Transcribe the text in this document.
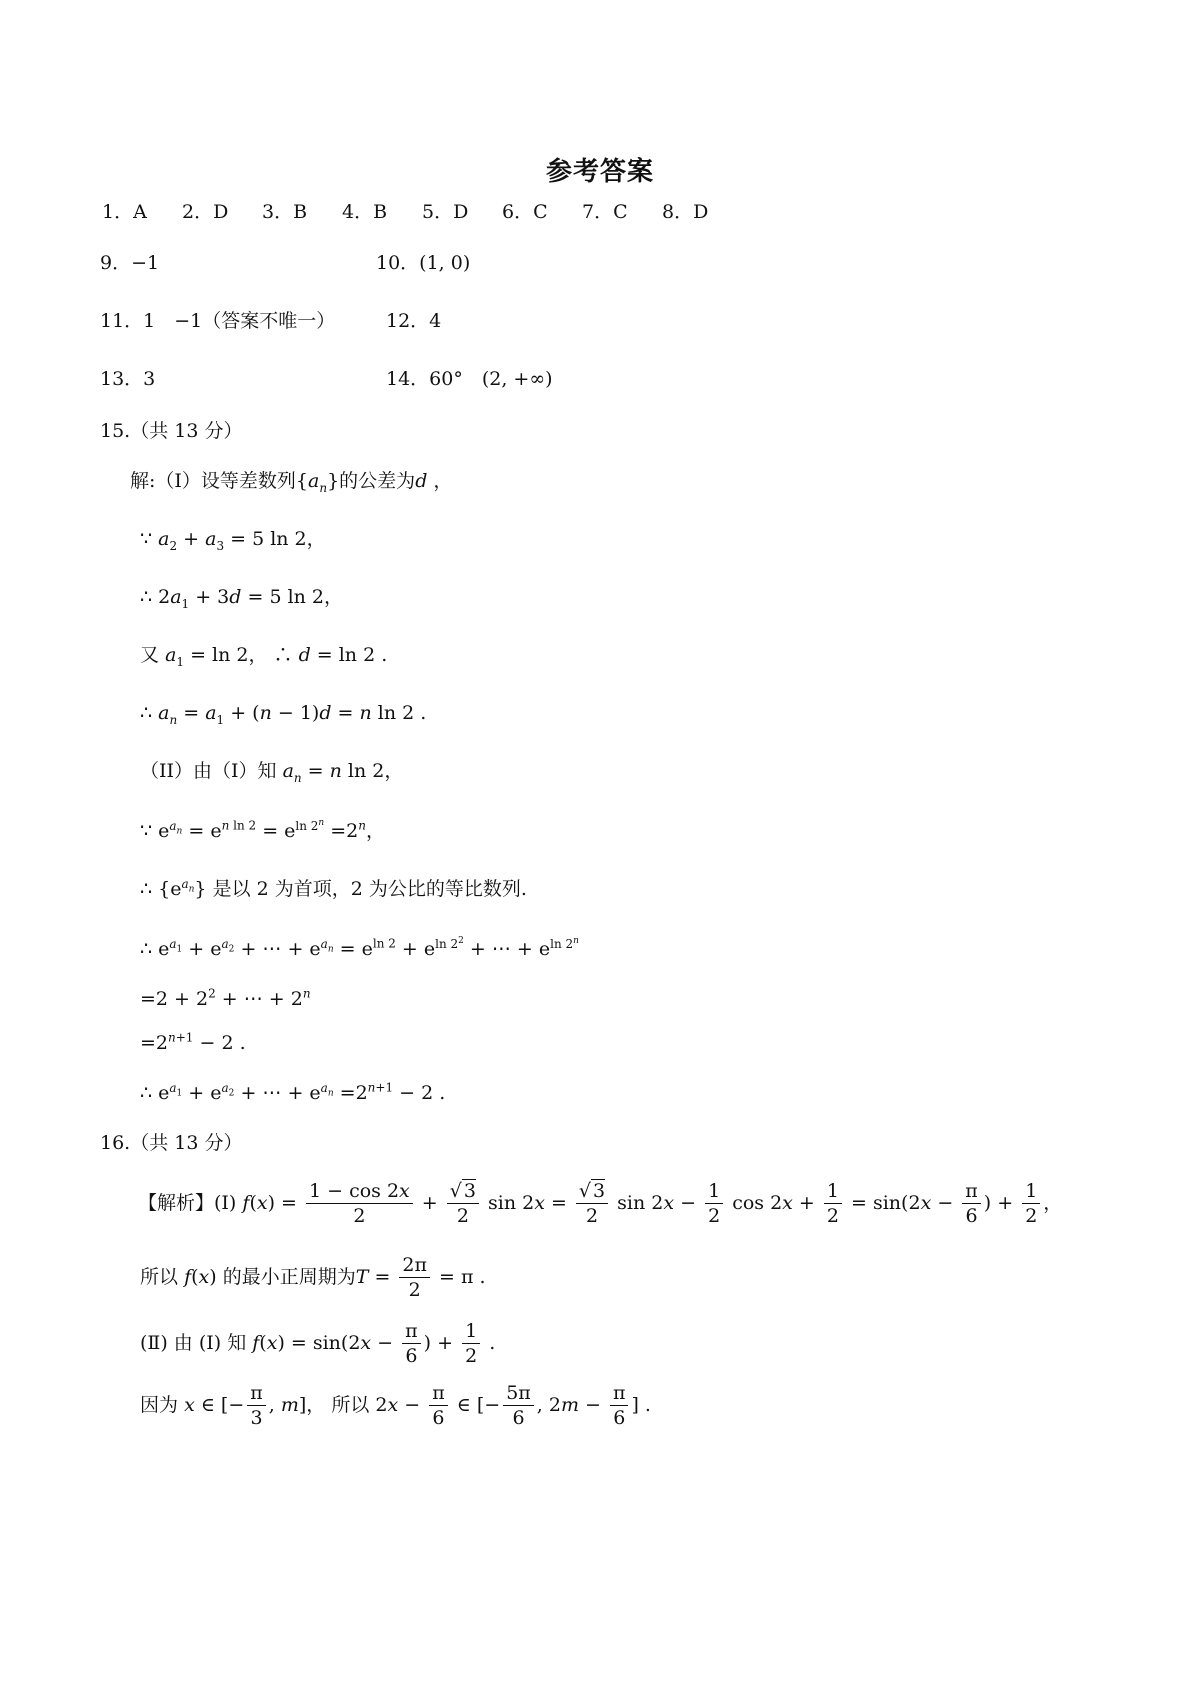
参考答案
1．A	2．D	3．B	4．B	5．D	6．C	7．C	8．D
9．−1	10．(1, 0)
11．1　−1（答案不唯一）	12．4
13．3	14．60°　(2, +∞)
15.（共 13 分）
解:（I）设等差数列$\{a_n\}$的公差为d ，
∵ $a_2 + a_3 = 5$ ln 2，
∴ $2a_1 + 3d = 5$ ln 2，
又 $a_1 = \ln 2$， ∴ d = ln 2 .
∴ $a_n = a_1 + (n - 1)d = n$ ln 2 .
（II）由（I）知 $a_n = n$ ln 2，
∵ $e^{a_n} = e^{n ln 2} = e^{ln 2^n} =2^n$，
∴ $\{e^{a_n}\}$ 是以 2 为首项，2 为公比的等比数列.
∴ $e^{a_1} + e^{a_2}$ + ⋯ + $e^{a_n} = e^{ln 2} + e^{ln 2^2}$ + ⋯ + $e^{ln 2^n}$
$=2 + 2^2$ + ⋯ + $2^n$
$=2^{n+1} - 2$ .
∴ $e^{a_1} + e^{a_2}$ + ⋯ + $e^{a_n} =2^{n+1} - 2$ .
16.（共 13 分）
【解析】(Ⅰ) $f(x) = \frac{1 - \cos 2x}{2} + \frac{√ 3}{2}$ $\sin 2x = \frac{√ 3}{2}$ $\sin 2x - \frac{1}{2}$ $\cos 2x + \frac{1}{2} = \sin(2x - \frac{\pi}{6}$ ) + $\frac{1}{2}$ ，
所以 f(x) 的最小正周期为$T = \frac{2\pi}{2} = \pi$ .
(Ⅱ) 由 (Ⅰ) 知 $f(x) = \sin(2x - \frac{\pi}{6}$ ) + $\frac{1}{2}$ .
因为 x ∈ [− $\frac{\pi}{3}$ , m]， 所以 $2x - \frac{\pi}{6}$ ∈ [− $\frac{5\pi}{6}$ , $2m - \frac{\pi}{6}$ ] .
